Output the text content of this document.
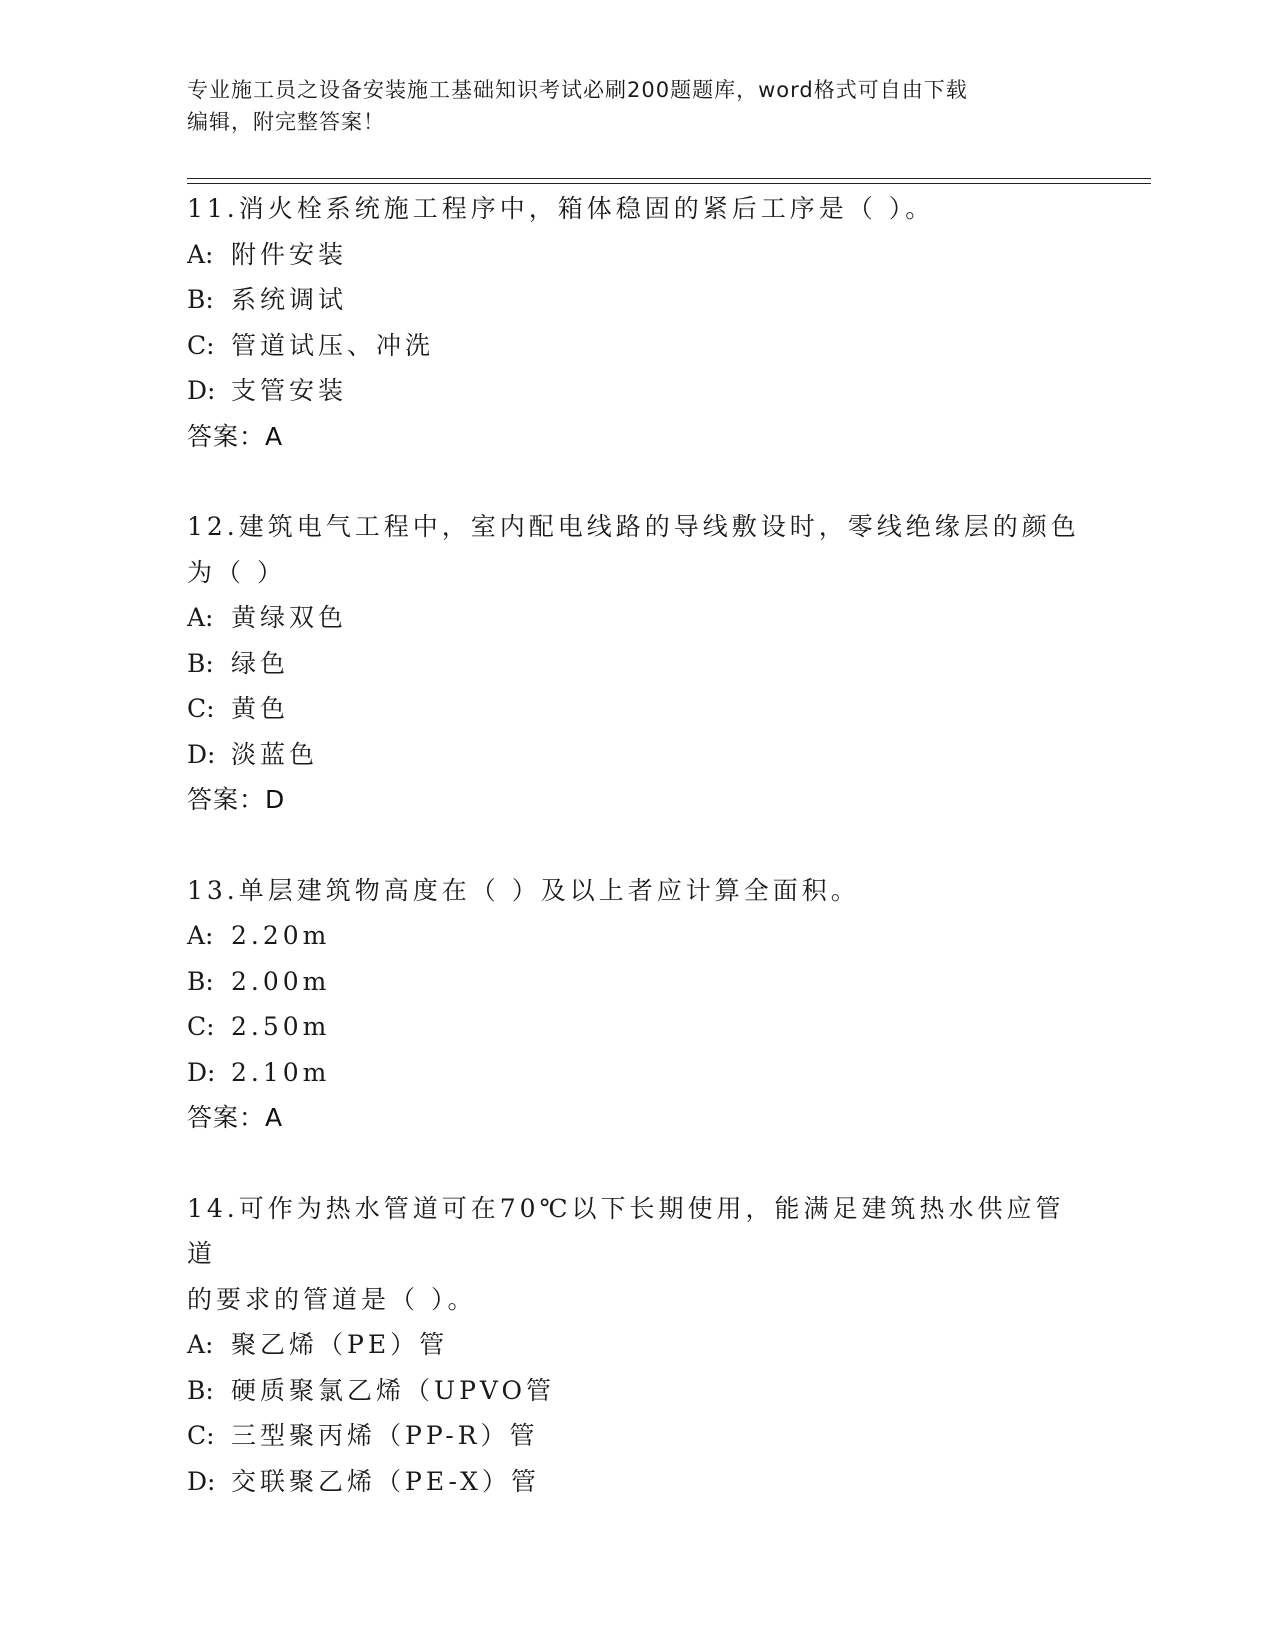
专业施工员之设备安装施工基础知识考试必刷200题题库，word格式可自由下载
编辑，附完整答案！
11.消火栓系统施工程序中，箱体稳固的紧后工序是（ ）。
A: 附件安装
B: 系统调试
C: 管道试压、冲洗
D: 支管安装
答案：A
12.建筑电气工程中，室内配电线路的导线敷设时，零线绝缘层的颜色
为（ ）
A: 黄绿双色
B: 绿色
C: 黄色
D: 淡蓝色
答案：D
13.单层建筑物高度在（ ）及以上者应计算全面积。
A: 2.20m
B: 2.00m
C: 2.50m
D: 2.10m
答案：A
14.可作为热水管道可在70℃以下长期使用，能满足建筑热水供应管道
的要求的管道是（ ）。
A: 聚乙烯（PE）管
B: 硬质聚氯乙烯（UPVO管
C: 三型聚丙烯（PP-R）管
D: 交联聚乙烯（PE-X）管
